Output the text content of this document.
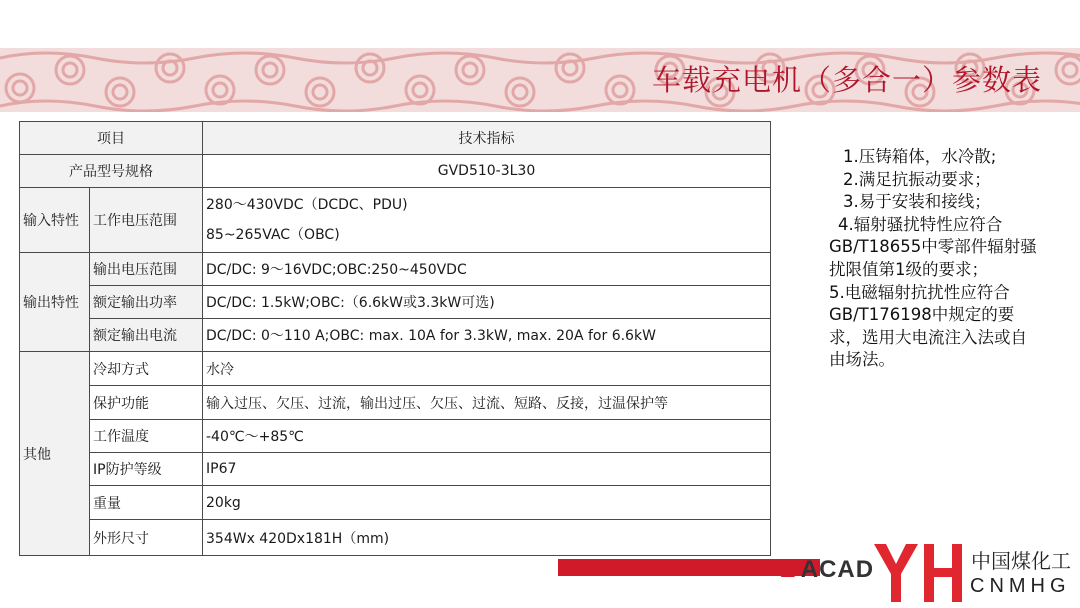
车载充电机（多合一）参数表
项目		技术指标
产品型号规格		GVD510-3L30
输入特性	工作电压范围	280～430VDC（DCDC、PDU)
85~265VAC（OBC)

输出特性	输出电压范围	DC/DC: 9～16VDC;OBC:250~450VDC
	额定输出功率	DC/DC: 1.5kW;OBC:（6.6kW或3.3kW可选)
	额定输出电流	DC/DC: 0～110 A;OBC: max. 10A for 3.3kW, max. 20A for 6.6kW
其他	冷却方式	水冷
	保护功能	输入过压、欠压、过流，输出过压、欠压、过流、短路、反接，过温保护等
	工作温度	-40℃～+85℃
	IP防护等级	IP67
	重量	20kg
	外形尺寸	354Wx 420Dx181H（mm)

1.压铸箱体，水冷散;

2.满足抗振动要求；

3.易于安装和接线；

4.辐射骚扰特性应符合GB/T18655中零部件辐射骚扰限值第1级的要求；

5.电磁辐射抗扰性应符合GB/T176198中规定的要求，选用大电流注入法或自由场法。

▲ACAD	中国煤化工
CNMHG
